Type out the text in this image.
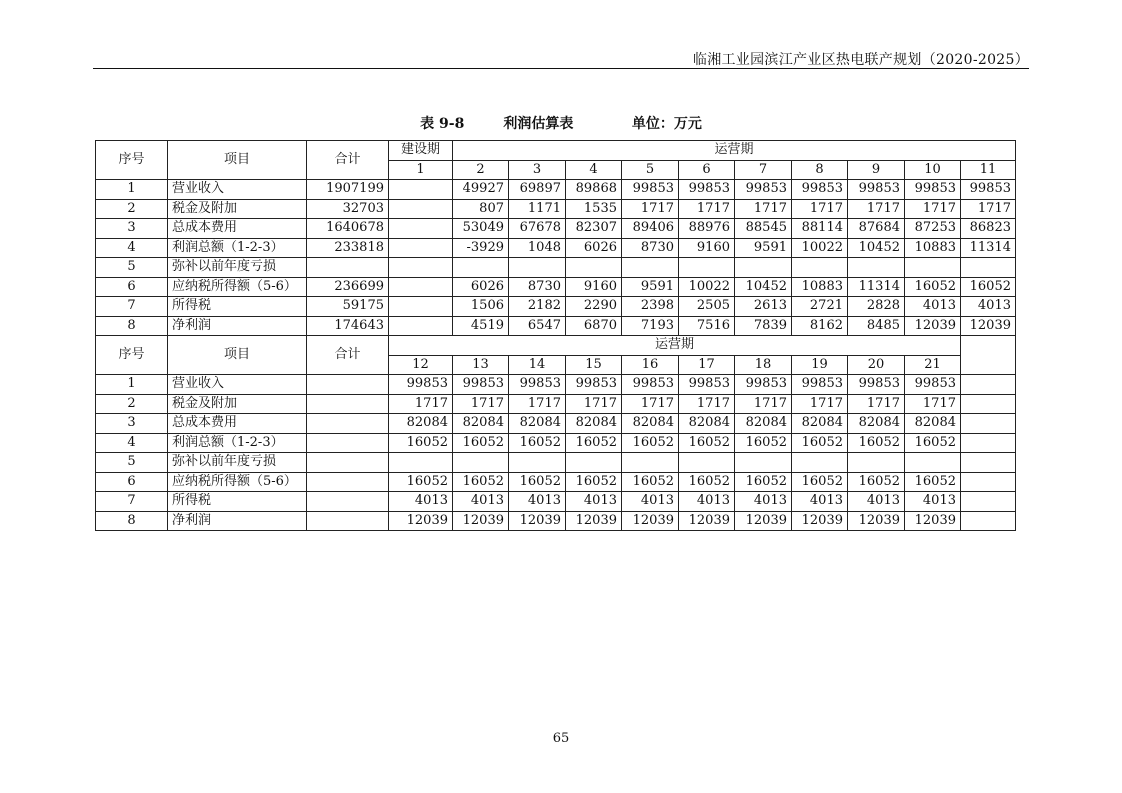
临湘工业园滨江产业区热电联产规划（2020-2025）
表 9-8	利润估算表	单位：万元
序号	项目	合计	建设期	运营期									
			1	2	3	4	5	6	7	8	9	10	11
1	营业收入	1907199		49927	69897	89868	99853	99853	99853	99853	99853	99853	99853
2	税金及附加	32703		807	1171	1535	1717	1717	1717	1717	1717	1717	1717
3	总成本费用	1640678		53049	67678	82307	89406	88976	88545	88114	87684	87253	86823
4	利润总额（1-2-3）	233818		-3929	1048	6026	8730	9160	9591	10022	10452	10883	11314
5	弥补以前年度亏损												
6	应纳税所得额（5-6）	236699		6026	8730	9160	9591	10022	10452	10883	11314	16052	16052
7	所得税	59175		1506	2182	2290	2398	2505	2613	2721	2828	4013	4013
8	净利润	174643		4519	6547	6870	7193	7516	7839	8162	8485	12039	12039
序号	项目	合计	运营期										
			12	13	14	15	16	17	18	19	20	21	
1	营业收入		99853	99853	99853	99853	99853	99853	99853	99853	99853	99853	
2	税金及附加		1717	1717	1717	1717	1717	1717	1717	1717	1717	1717	
3	总成本费用		82084	82084	82084	82084	82084	82084	82084	82084	82084	82084	
4	利润总额（1-2-3）		16052	16052	16052	16052	16052	16052	16052	16052	16052	16052	
5	弥补以前年度亏损												
6	应纳税所得额（5-6）		16052	16052	16052	16052	16052	16052	16052	16052	16052	16052	
7	所得税		4013	4013	4013	4013	4013	4013	4013	4013	4013	4013	
8	净利润		12039	12039	12039	12039	12039	12039	12039	12039	12039	12039	
65
